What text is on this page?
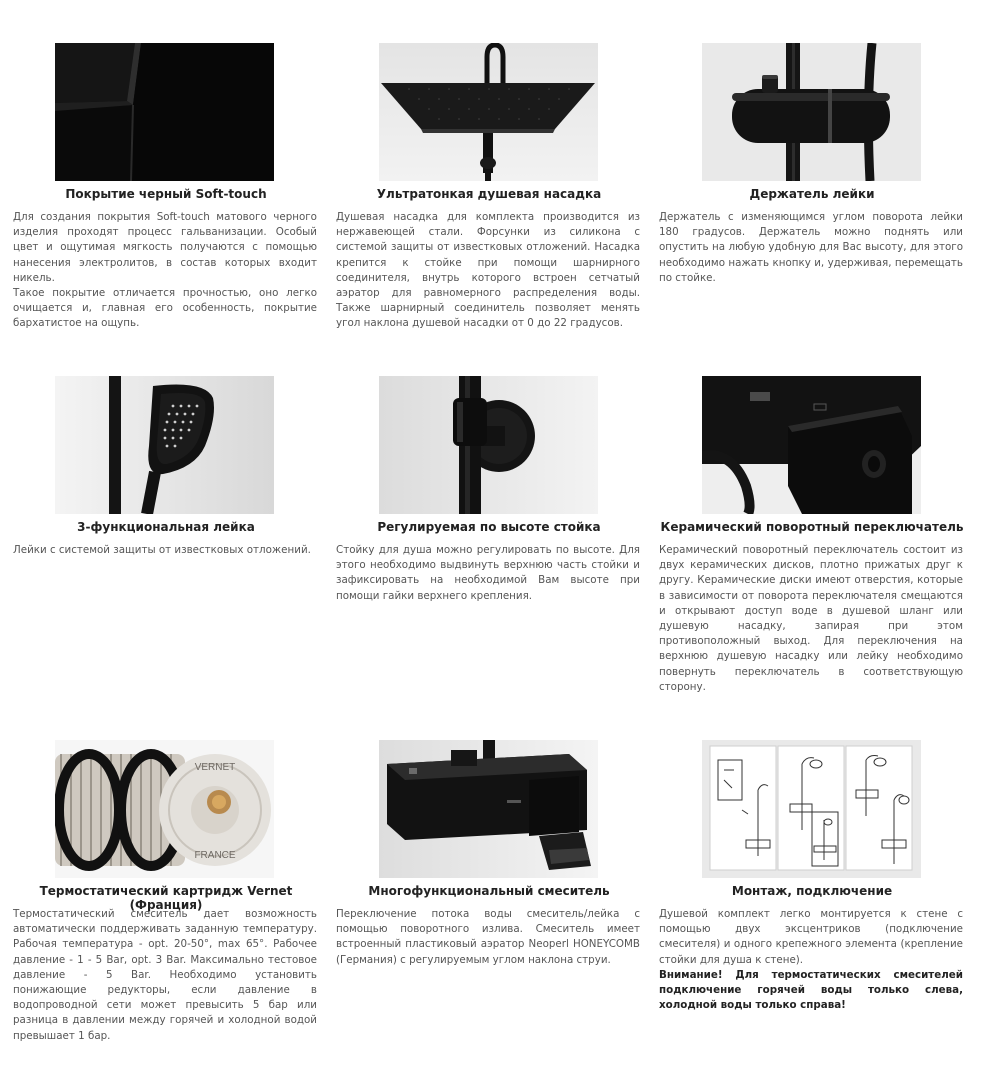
Покрытие черный Soft-touch

Для создания покрытия Soft-touch матового черного изделия проходят процесс гальванизации. Особый цвет и ощутимая мягкость получаются с помощью нанесения электролитов, в состав которых входит никель.
Такое покрытие отличается прочностью, оно легко очищается и, главная его особенность, покрытие бархатистое на ощупь.

Ультратонкая душевая насадка

Душевая насадка для комплекта производится из нержавеющей стали. Форсунки из силикона с системой защиты от известковых отложений. Насадка крепится к стойке при помощи шарнирного соединителя, внутрь которого встроен сетчатый аэратор для равномерного распределения воды. Также шарнирный соединитель позволяет менять угол наклона душевой насадки от 0 до 22 градусов.

Держатель лейки

Держатель с изменяющимся углом поворота лейки 180 градусов. Держатель можно поднять или опустить на любую удобную для Вас высоту, для этого необходимо нажать кнопку и, удерживая, перемещать по стойке.

3-функциональная лейка

Лейки с системой защиты от известковых отложений.

Регулируемая по высоте стойка

Стойку для душа можно регулировать по высоте. Для этого необходимо выдвинуть верхнюю часть стойки и зафиксировать на необходимой Вам высоте при помощи гайки верхнего крепления.

Керамический поворотный переключатель

Керамический поворотный переключатель состоит из двух керамических дисков, плотно прижатых друг к другу. Керамические диски имеют отверстия, которые в зависимости от поворота переключателя смещаются и открывают доступ воде в душевой шланг или душевую насадку, запирая при этом противоположный выход. Для переключения на верхнюю душевую насадку или лейку необходимо повернуть переключатель в соответствующую сторону.

VERNET
FRANCE
Термостатический картридж Vernet (Франция)

Термостатический смеситель дает возможность автоматически поддерживать заданную температуру. Рабочая температура - opt. 20-50°, max 65°. Рабочее давление - 1 - 5 Bar, opt. 3 Bar. Максимально тестовое давление - 5 Bar. Необходимо установить понижающие редукторы, если давление в водопроводной сети может превысить 5 бар или разница в давлении между горячей и холодной водой превышает 1 бар.

Многофункциональный смеситель

Переключение потока воды смеситель/лейка с помощью поворотного излива. Смеситель имеет встроенный пластиковый аэратор Neoperl HONEYCOMB (Германия) с регулируемым углом наклона струи.

Монтаж, подключение

Душевой комплект легко монтируется к стене с помощью двух эксцентриков (подключение смесителя) и одного крепежного элемента (крепление стойки для душа к стене).
Внимание! Для термостатических смесителей подключение горячей воды только слева, холодной воды только справа!
